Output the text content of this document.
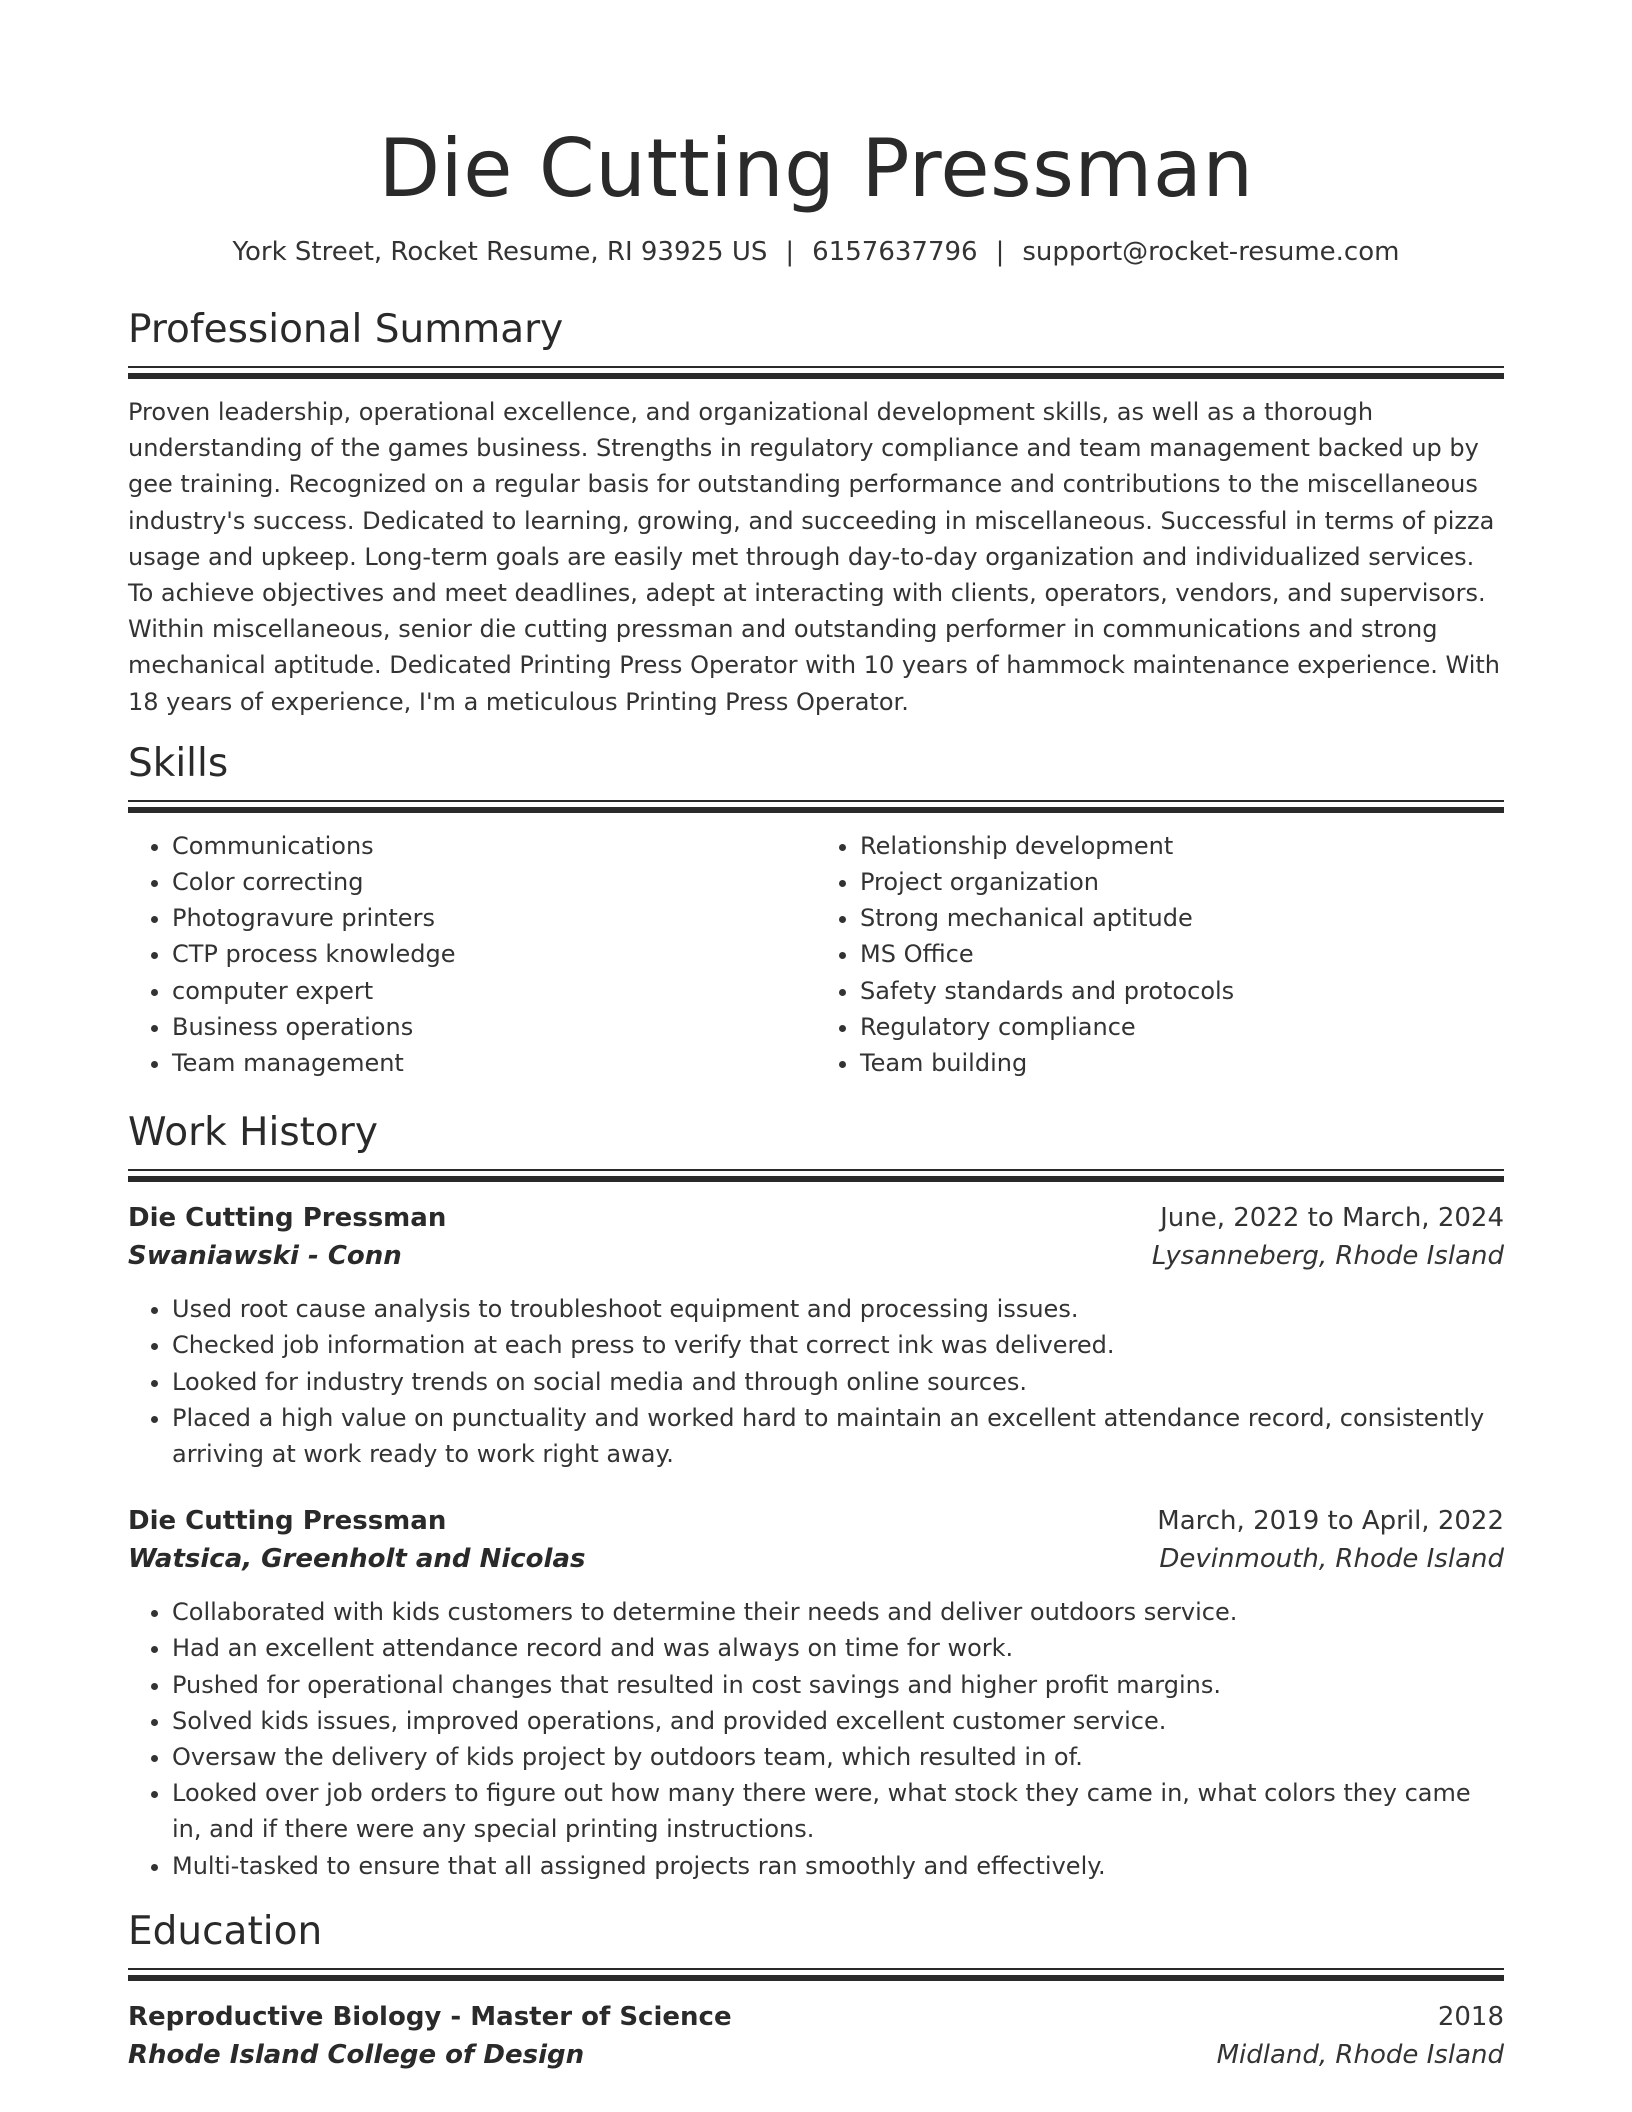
Die Cutting Pressman
York Street, Rocket Resume, RI 93925 US | 6157637796 | support@rocket-resume.com
Professional Summary

Proven leadership, operational excellence, and organizational development skills, as well as a thorough understanding of the games business. Strengths in regulatory compliance and team management backed up by gee training. Recognized on a regular basis for outstanding performance and contributions to the miscellaneous industry's success. Dedicated to learning, growing, and succeeding in miscellaneous. Successful in terms of pizza usage and upkeep. Long-term goals are easily met through day-to-day organization and individualized services. To achieve objectives and meet deadlines, adept at interacting with clients, operators, vendors, and supervisors. Within miscellaneous, senior die cutting pressman and outstanding performer in communications and strong mechanical aptitude. Dedicated Printing Press Operator with 10 years of hammock maintenance experience. With 18 years of experience, I'm a meticulous Printing Press Operator.

Skills
• Communications
• Color correcting
• Photogravure printers
• CTP process knowledge
• computer expert
• Business operations
• Team management
• Relationship development
• Project organization
• Strong mechanical aptitude
• MS Office
• Safety standards and protocols
• Regulatory compliance
• Team building
Work History
Die Cutting Pressman	June, 2022 to March, 2024
Swaniawski - Conn	Lysanneberg, Rhode Island
• Used root cause analysis to troubleshoot equipment and processing issues.
• Checked job information at each press to verify that correct ink was delivered.
• Looked for industry trends on social media and through online sources.
• Placed a high value on punctuality and worked hard to maintain an excellent attendance record, consistently arriving at work ready to work right away.
Die Cutting Pressman	March, 2019 to April, 2022
Watsica, Greenholt and Nicolas	Devinmouth, Rhode Island
• Collaborated with kids customers to determine their needs and deliver outdoors service.
• Had an excellent attendance record and was always on time for work.
• Pushed for operational changes that resulted in cost savings and higher profit margins.
• Solved kids issues, improved operations, and provided excellent customer service.
• Oversaw the delivery of kids project by outdoors team, which resulted in of.
• Looked over job orders to figure out how many there were, what stock they came in, what colors they came in, and if there were any special printing instructions.
• Multi-tasked to ensure that all assigned projects ran smoothly and effectively.
Education
Reproductive Biology - Master of Science	2018
Rhode Island College of Design	Midland, Rhode Island
